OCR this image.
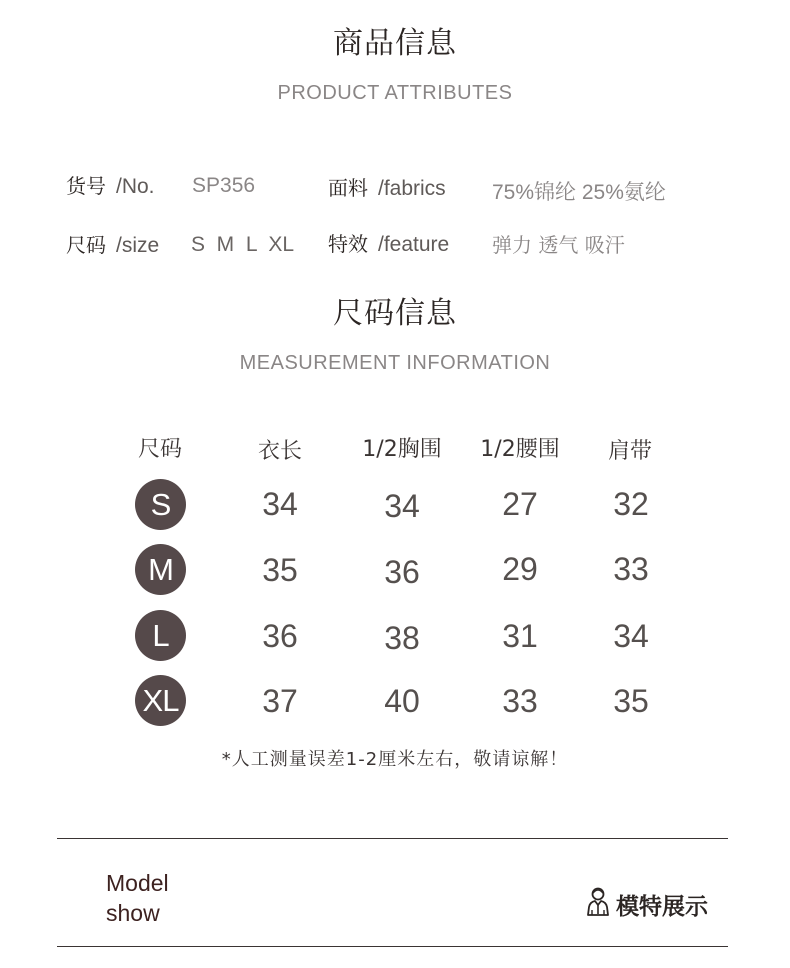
商品信息
PRODUCT ATTRIBUTES
货号 /No. SP356	面料 /fabrics 75%锦纶 25%氨纶
尺码 /size S  M  L  XL 特效 /feature 弹力 透气 吸汗
尺码信息
MEASUREMENT INFORMATION
尺码	衣长	1/2胸围	1/2腰围	肩带
S	34	34	27	32
M	35	36	29	33
L	36	38	31	34
XL	37	40	33	35
*人工测量误差1-2厘米左右，敬请谅解！
Model
show	模特展示
